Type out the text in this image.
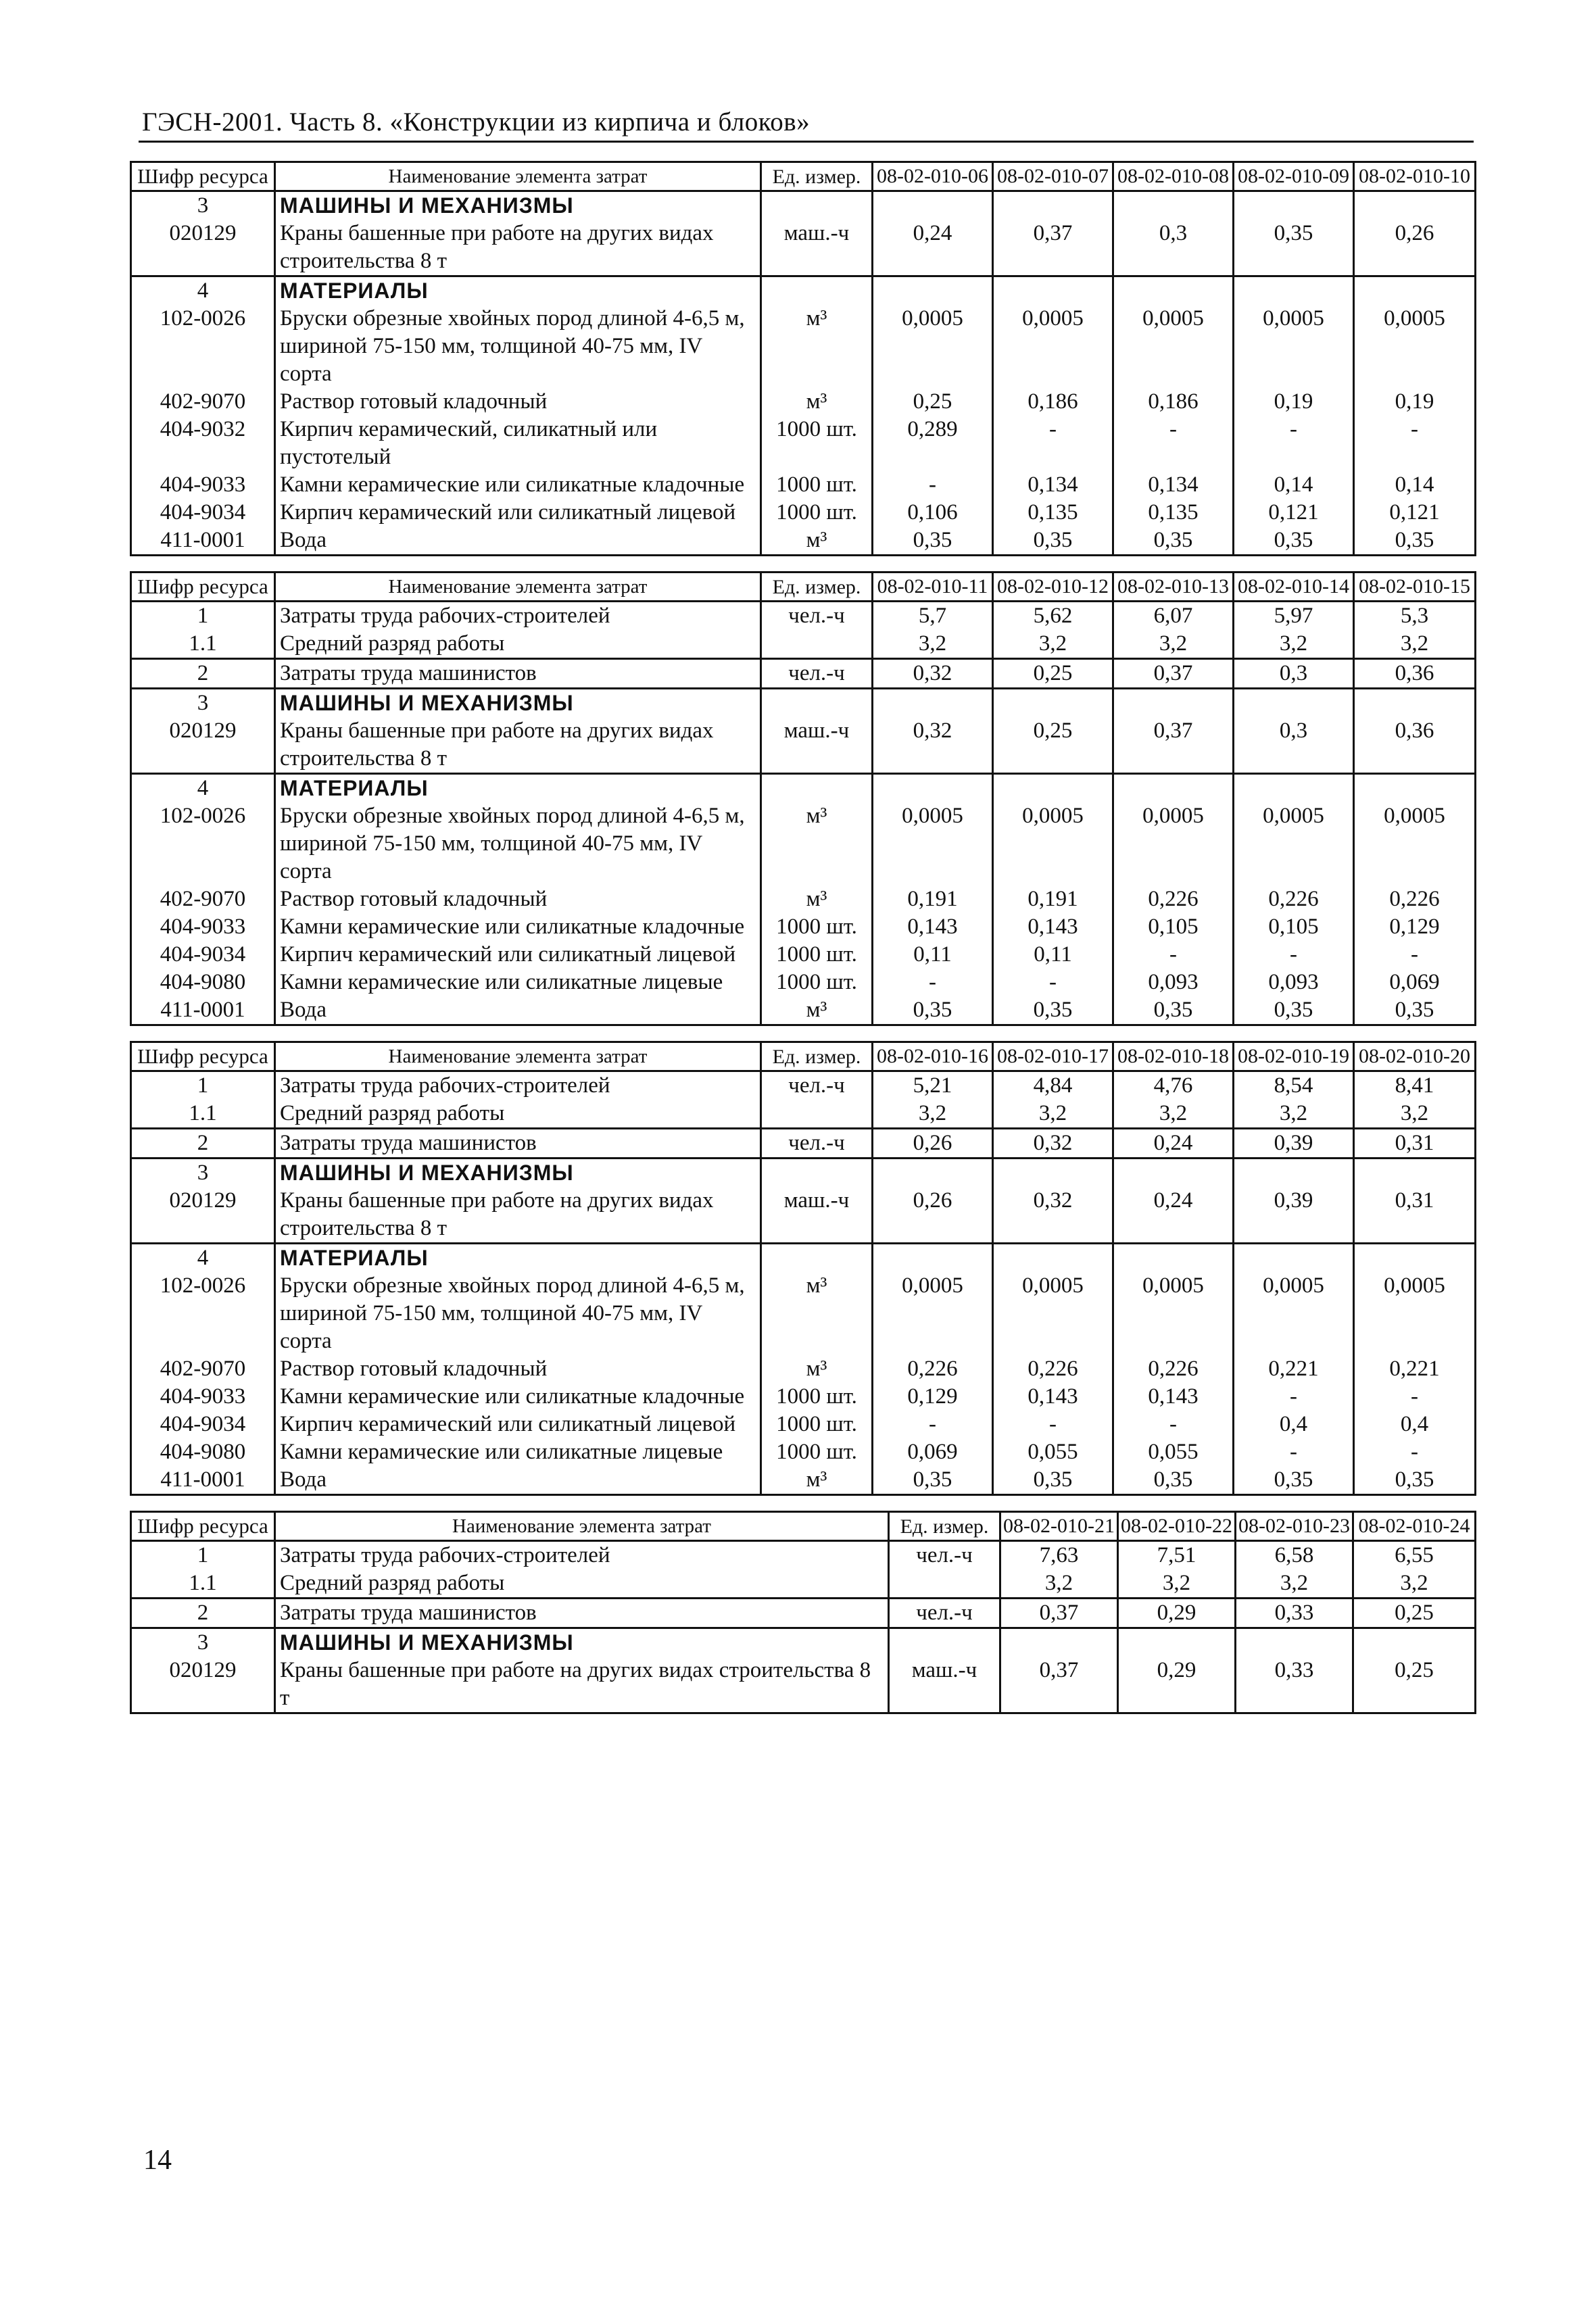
ГЭСН-2001. Часть 8. «Конструкции из кирпича и блоков»
Шифр ресурса	Наименование элемента затрат	Ед. измер.	08-02-010-06	08-02-010-07	08-02-010-08	08-02-010-09	08-02-010-10
3	МАШИНЫ И МЕХАНИЗМЫ						
020129	Краны башенные при работе на других видах строительства 8 т	маш.-ч	0,24	0,37	0,3	0,35	0,26
4	МАТЕРИАЛЫ						
102-0026	Бруски обрезные хвойных пород длиной 4-6,5 м, шириной 75-150 мм, толщиной 40-75 мм, IV сорта	м³	0,0005	0,0005	0,0005	0,0005	0,0005
402-9070	Раствор готовый кладочный	м³	0,25	0,186	0,186	0,19	0,19
404-9032	Кирпич керамический, силикатный или пустотелый	1000 шт.	0,289	-	-	-	-
404-9033	Камни керамические или силикатные кладочные	1000 шт.	-	0,134	0,134	0,14	0,14
404-9034	Кирпич керамический или силикатный лицевой	1000 шт.	0,106	0,135	0,135	0,121	0,121
411-0001	Вода	м³	0,35	0,35	0,35	0,35	0,35
Шифр ресурса	Наименование элемента затрат	Ед. измер.	08-02-010-11	08-02-010-12	08-02-010-13	08-02-010-14	08-02-010-15
1	Затраты труда рабочих-строителей	чел.-ч	5,7	5,62	6,07	5,97	5,3
1.1	Средний разряд работы		3,2	3,2	3,2	3,2	3,2
2	Затраты труда машинистов	чел.-ч	0,32	0,25	0,37	0,3	0,36
3	МАШИНЫ И МЕХАНИЗМЫ						
020129	Краны башенные при работе на других видах строительства 8 т	маш.-ч	0,32	0,25	0,37	0,3	0,36
4	МАТЕРИАЛЫ						
102-0026	Бруски обрезные хвойных пород длиной 4-6,5 м, шириной 75-150 мм, толщиной 40-75 мм, IV сорта	м³	0,0005	0,0005	0,0005	0,0005	0,0005
402-9070	Раствор готовый кладочный	м³	0,191	0,191	0,226	0,226	0,226
404-9033	Камни керамические или силикатные кладочные	1000 шт.	0,143	0,143	0,105	0,105	0,129
404-9034	Кирпич керамический или силикатный лицевой	1000 шт.	0,11	0,11	-	-	-
404-9080	Камни керамические или силикатные лицевые	1000 шт.	-	-	0,093	0,093	0,069
411-0001	Вода	м³	0,35	0,35	0,35	0,35	0,35
Шифр ресурса	Наименование элемента затрат	Ед. измер.	08-02-010-16	08-02-010-17	08-02-010-18	08-02-010-19	08-02-010-20
1	Затраты труда рабочих-строителей	чел.-ч	5,21	4,84	4,76	8,54	8,41
1.1	Средний разряд работы		3,2	3,2	3,2	3,2	3,2
2	Затраты труда машинистов	чел.-ч	0,26	0,32	0,24	0,39	0,31
3	МАШИНЫ И МЕХАНИЗМЫ						
020129	Краны башенные при работе на других видах строительства 8 т	маш.-ч	0,26	0,32	0,24	0,39	0,31
4	МАТЕРИАЛЫ						
102-0026	Бруски обрезные хвойных пород длиной 4-6,5 м, шириной 75-150 мм, толщиной 40-75 мм, IV сорта	м³	0,0005	0,0005	0,0005	0,0005	0,0005
402-9070	Раствор готовый кладочный	м³	0,226	0,226	0,226	0,221	0,221
404-9033	Камни керамические или силикатные кладочные	1000 шт.	0,129	0,143	0,143	-	-
404-9034	Кирпич керамический или силикатный лицевой	1000 шт.	-	-	-	0,4	0,4
404-9080	Камни керамические или силикатные лицевые	1000 шт.	0,069	0,055	0,055	-	-
411-0001	Вода	м³	0,35	0,35	0,35	0,35	0,35
Шифр ресурса	Наименование элемента затрат	Ед. измер.	08-02-010-21	08-02-010-22	08-02-010-23	08-02-010-24
1	Затраты труда рабочих-строителей	чел.-ч	7,63	7,51	6,58	6,55
1.1	Средний разряд работы		3,2	3,2	3,2	3,2
2	Затраты труда машинистов	чел.-ч	0,37	0,29	0,33	0,25
3	МАШИНЫ И МЕХАНИЗМЫ					
020129	Краны башенные при работе на других видах строительства 8 т	маш.-ч	0,37	0,29	0,33	0,25
14
